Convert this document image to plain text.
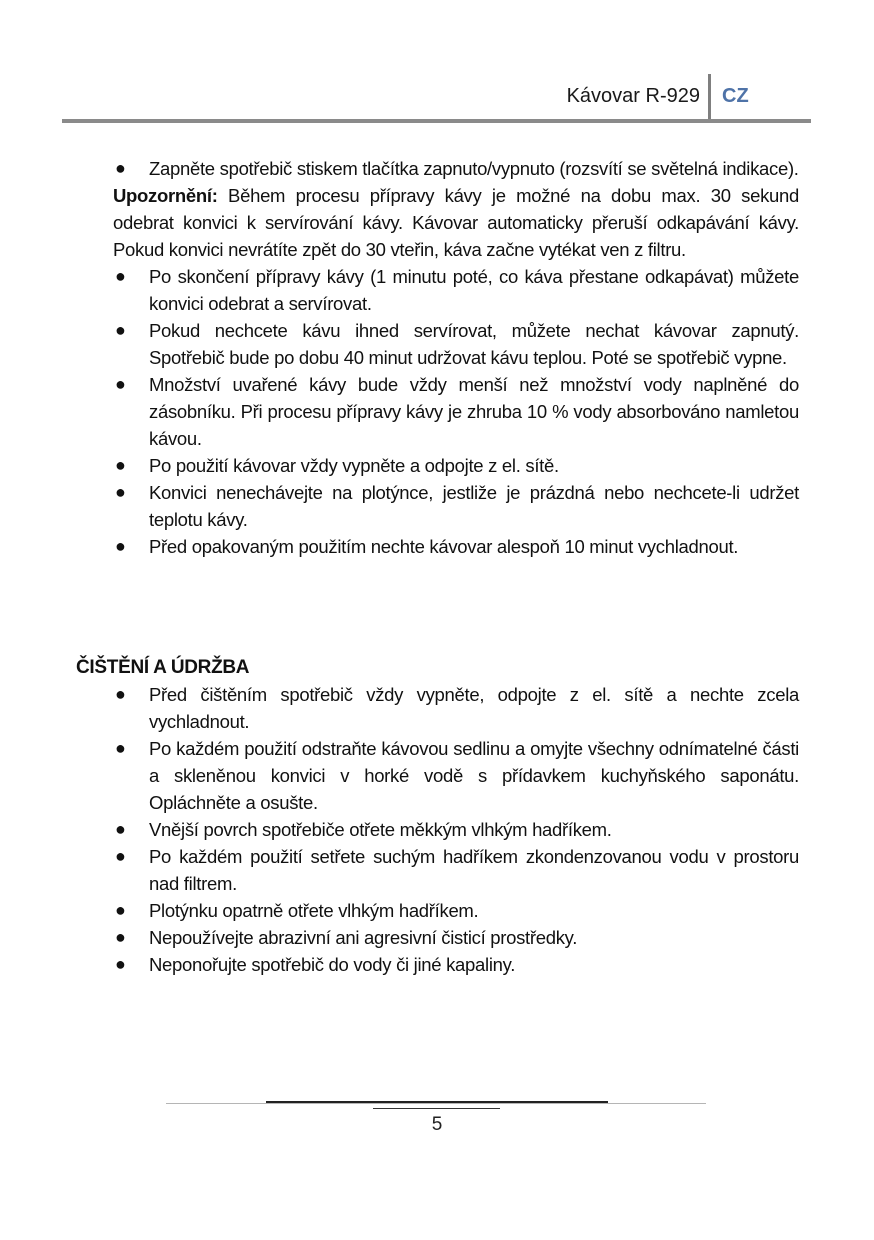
Kávovar R-929 CZ
● Zapněte spotřebič stiskem tlačítka zapnuto/vypnuto (rozsvítí se světelná indikace).

Upozornění: Během procesu přípravy kávy je možné na dobu max. 30 sekund odebrat konvici k servírování kávy. Kávovar automaticky přeruší odkapávání kávy. Pokud konvici nevrátíte zpět do 30 vteřin, káva začne vytékat ven z filtru.

● Po skončení přípravy kávy (1 minutu poté, co káva přestane odkapávat) můžete konvici odebrat a servírovat.
● Pokud nechcete kávu ihned servírovat, můžete nechat kávovar zapnutý. Spotřebič bude po dobu 40 minut udržovat kávu teplou. Poté se spotřebič vypne.
● Množství uvařené kávy bude vždy menší než množství vody naplněné do zásobníku. Při procesu přípravy kávy je zhruba 10 % vody absorbováno namletou kávou.
● Po použití kávovar vždy vypněte a odpojte z el. sítě.
● Konvici nenechávejte na plotýnce, jestliže je prázdná nebo nechcete-li udržet teplotu kávy.
● Před opakovaným použitím nechte kávovar alespoň 10 minut vychladnout.
ČIŠTĚNÍ A ÚDRŽBA
● Před čištěním spotřebič vždy vypněte, odpojte z el. sítě a nechte zcela vychladnout.
● Po každém použití odstraňte kávovou sedlinu a omyjte všechny odnímatelné části a skleněnou konvici v horké vodě s přídavkem kuchyňského saponátu. Opláchněte a osušte.
● Vnější povrch spotřebiče otřete měkkým vlhkým hadříkem.
● Po každém použití setřete suchým hadříkem zkondenzovanou vodu v prostoru nad filtrem.
● Plotýnku opatrně otřete vlhkým hadříkem.
● Nepoužívejte abrazivní ani agresivní čisticí prostředky.
● Neponořujte spotřebič do vody či jiné kapaliny.
5
